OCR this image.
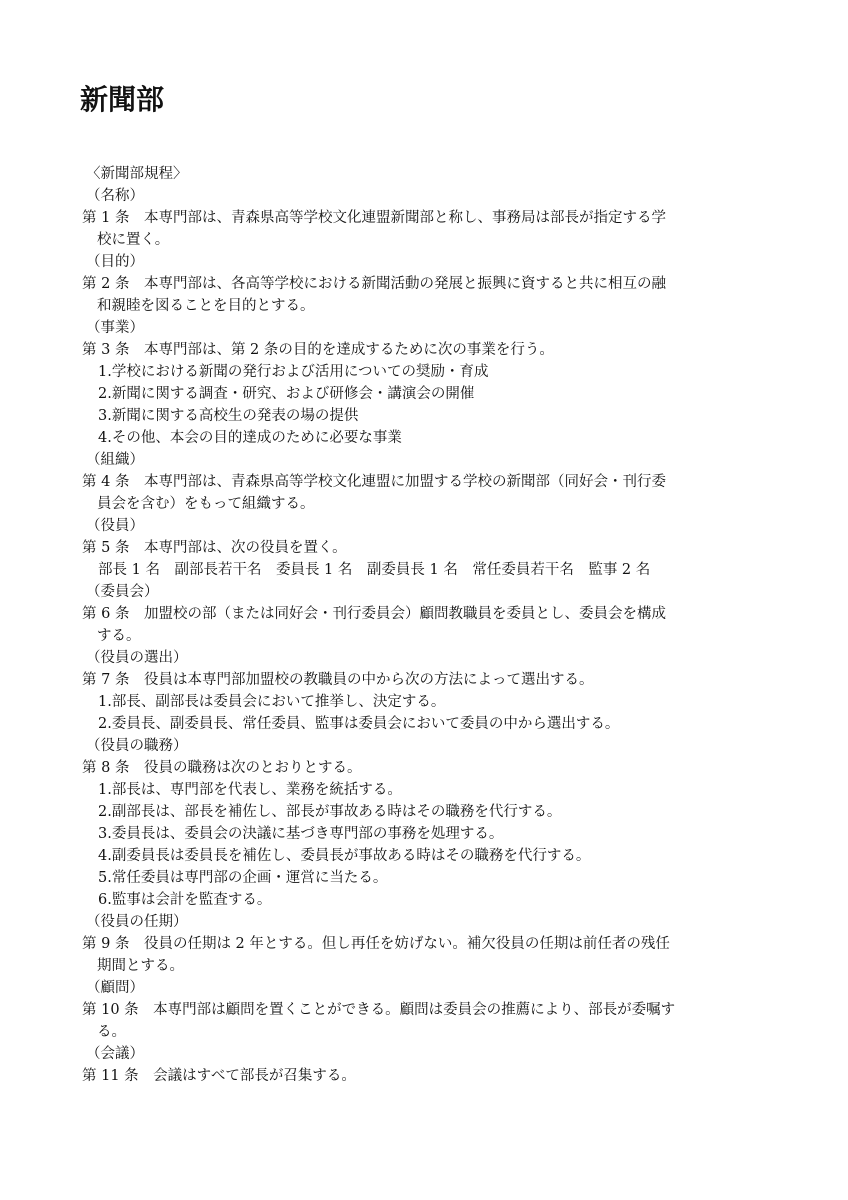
新聞部
〈新聞部規程〉
（名称）
第 1 条　 本専門部は、青森県高等学校文化連盟新聞部と称し、事務局は部長が指定する学
校に置く。
（目的）
第 2 条　 本専門部は、各高等学校における新聞活動の発展と振興に資すると共に相互の融
和親睦を図ることを目的とする。
（事業）
第 3 条　 本専門部は、第 2 条の目的を達成するために次の事業を行う。
1.学校における新聞の発行および活用についての奨励・育成
2.新聞に関する調査・研究、および研修会・講演会の開催
3.新聞に関する高校生の発表の場の提供
4.その他、本会の目的達成のために必要な事業
（組織）
第 4 条　 本専門部は、青森県高等学校文化連盟に加盟する学校の新聞部（同好会・刊行委
員会を含む）をもって組織する。
（役員）
第 5 条　 本専門部は、次の役員を置く。
部長 1 名　副部長若干名　委員長 1 名　副委員長 1 名　常任委員若干名　監事 2 名
（委員会）
第 6 条　 加盟校の部（または同好会・刊行委員会）顧問教職員を委員とし、委員会を構成
する。
（役員の選出）
第 7 条　 役員は本専門部加盟校の教職員の中から次の方法によって選出する。
1.部長、副部長は委員会において推挙し、決定する。
2.委員長、副委員長、常任委員、監事は委員会において委員の中から選出する。
（役員の職務）
第 8 条　 役員の職務は次のとおりとする。
1.部長は、専門部を代表し、業務を統括する。
2.副部長は、部長を補佐し、部長が事故ある時はその職務を代行する。
3.委員長は、委員会の決議に基づき専門部の事務を処理する。
4.副委員長は委員長を補佐し、委員長が事故ある時はその職務を代行する。
5.常任委員は専門部の企画・運営に当たる。
6.監事は会計を監査する。
（役員の任期）
第 9 条　 役員の任期は 2 年とする。但し再任を妨げない。補欠役員の任期は前任者の残任
期間とする。
（顧問）
第 10 条　 本専門部は顧問を置くことができる。顧問は委員会の推薦により、部長が委嘱す
る。
（会議）
第 11 条　 会議はすべて部長が召集する。
